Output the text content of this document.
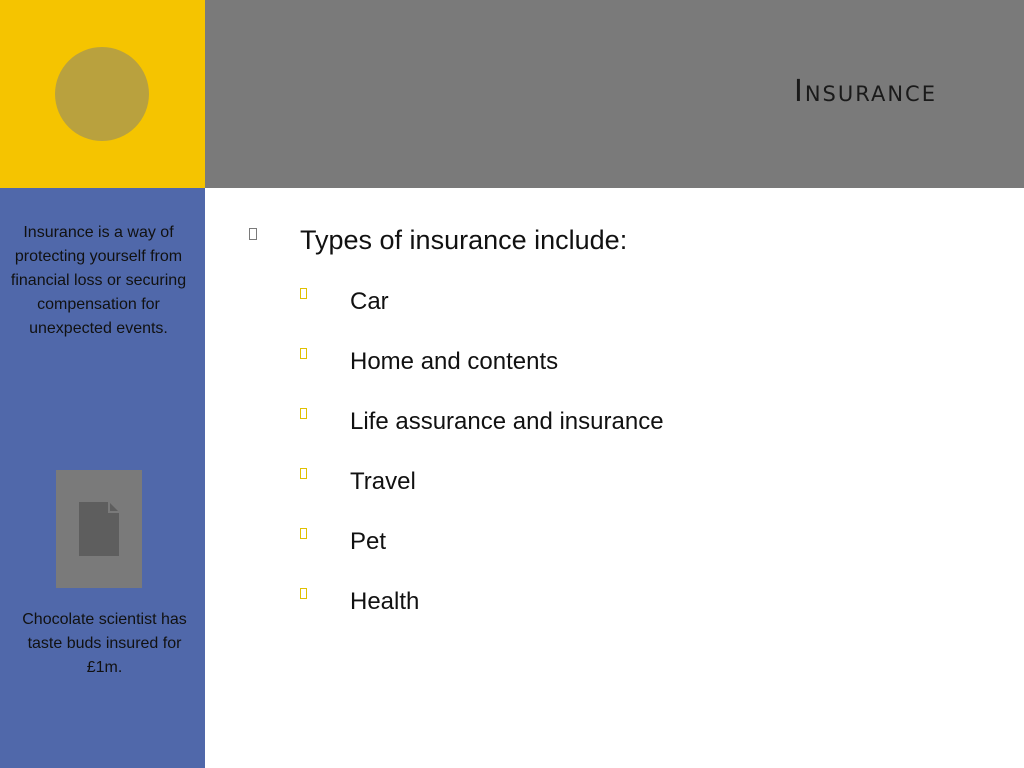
Insurance
Insurance is a way of protecting yourself from financial loss or securing compensation for unexpected events.
Chocolate scientist has taste buds insured for £1m.
Types of insurance include:
Car
Home and contents
Life assurance and insurance
Travel
Pet
Health
